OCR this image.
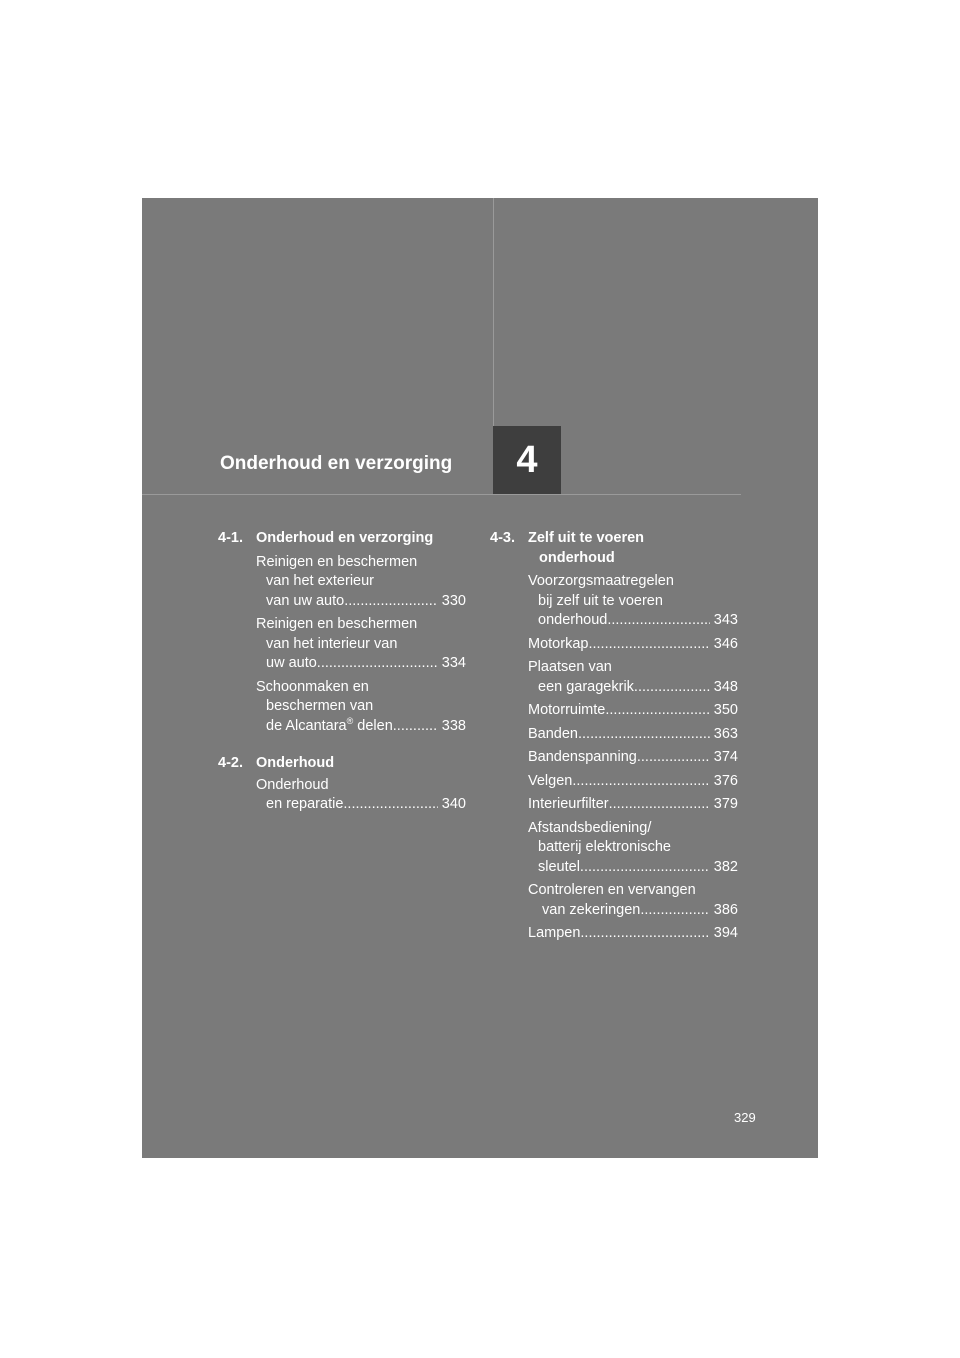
Onderhoud en verzorging 4
4-1. Onderhoud en verzorging
Reinigen en beschermen
van het exterieur
van uw auto .....	330
Reinigen en beschermen
van het interieur van
uw auto .....	334
Schoonmaken en
beschermen van
de Alcantara® delen .....	338
4-2. Onderhoud
Onderhoud
en reparatie .....	340
4-3. Zelf uit te voeren
onderhoud
Voorzorgsmaatregelen
bij zelf uit te voeren
onderhoud .....	343
Motorkap .....	346
Plaatsen van
een garagekrik .....	348
Motorruimte .....	350
Banden .....	363
Bandenspanning .....	374
Velgen .....	376
Interieurfilter .....	379
Afstandsbediening/
batterij elektronische
sleutel .....	382
Controleren en vervangen
van zekeringen .....	386
Lampen .....	394
329
